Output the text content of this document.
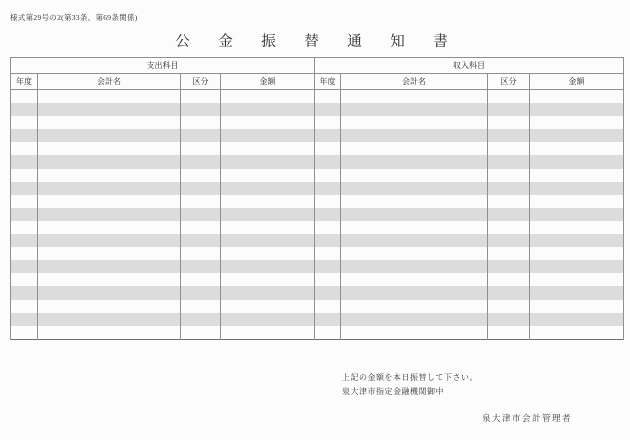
様式第29号の2(第33条、第69条関係)
公　金　振　替　通　知　書
支出科目				収入科目			
年度	会計名	区分	金額	年度	会計名	区分	金額

上記の金額を本日振替して下さい。
泉大津市指定金融機関御中
泉大津市会計管理者
